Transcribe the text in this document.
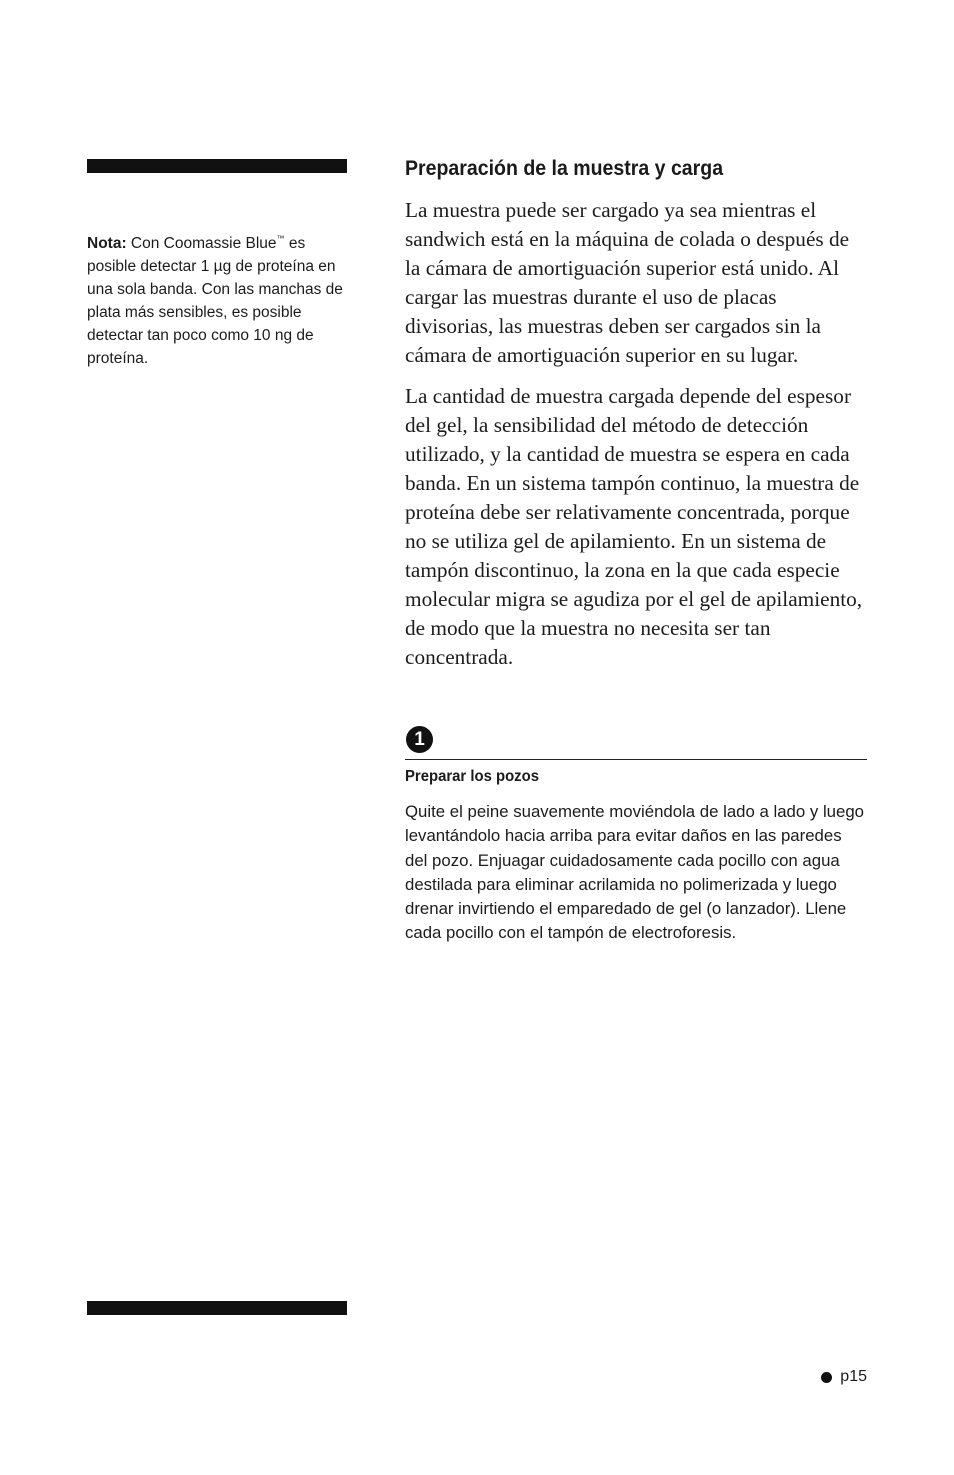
Nota: Con Coomassie Blue™ es posible detectar 1 µg de proteína en una sola banda. Con las manchas de plata más sensibles, es posible detectar tan poco como 10 ng de proteína.
Preparación de la muestra y carga

La muestra puede ser cargado ya sea mientras el sandwich está en la máquina de colada o después de la cámara de amortiguación superior está unido. Al cargar las muestras durante el uso de placas divisorias, las muestras deben ser cargados sin la cámara de amortiguación superior en su lugar.

La cantidad de muestra cargada depende del espesor del gel, la sensibilidad del método de detección utilizado, y la cantidad de muestra se espera en cada banda. En un sistema tampón continuo, la muestra de proteína debe ser relativamente concentrada, porque no se utiliza gel de apilamiento. En un sistema de tampón discontinuo, la zona en la que cada especie molecular migra se agudiza por el gel de apilamiento, de modo que la muestra no necesita ser tan concentrada.

1
Preparar los pozos
Quite el peine suavemente moviéndola de lado a lado y luego levantándolo hacia arriba para evitar daños en las paredes del pozo. Enjuagar cuidadosamente cada pocillo con agua destilada para eliminar acrilamida no polimerizada y luego drenar invirtiendo el emparedado de gel (o lanzador). Llene cada pocillo con el tampón de electroforesis.
p15
